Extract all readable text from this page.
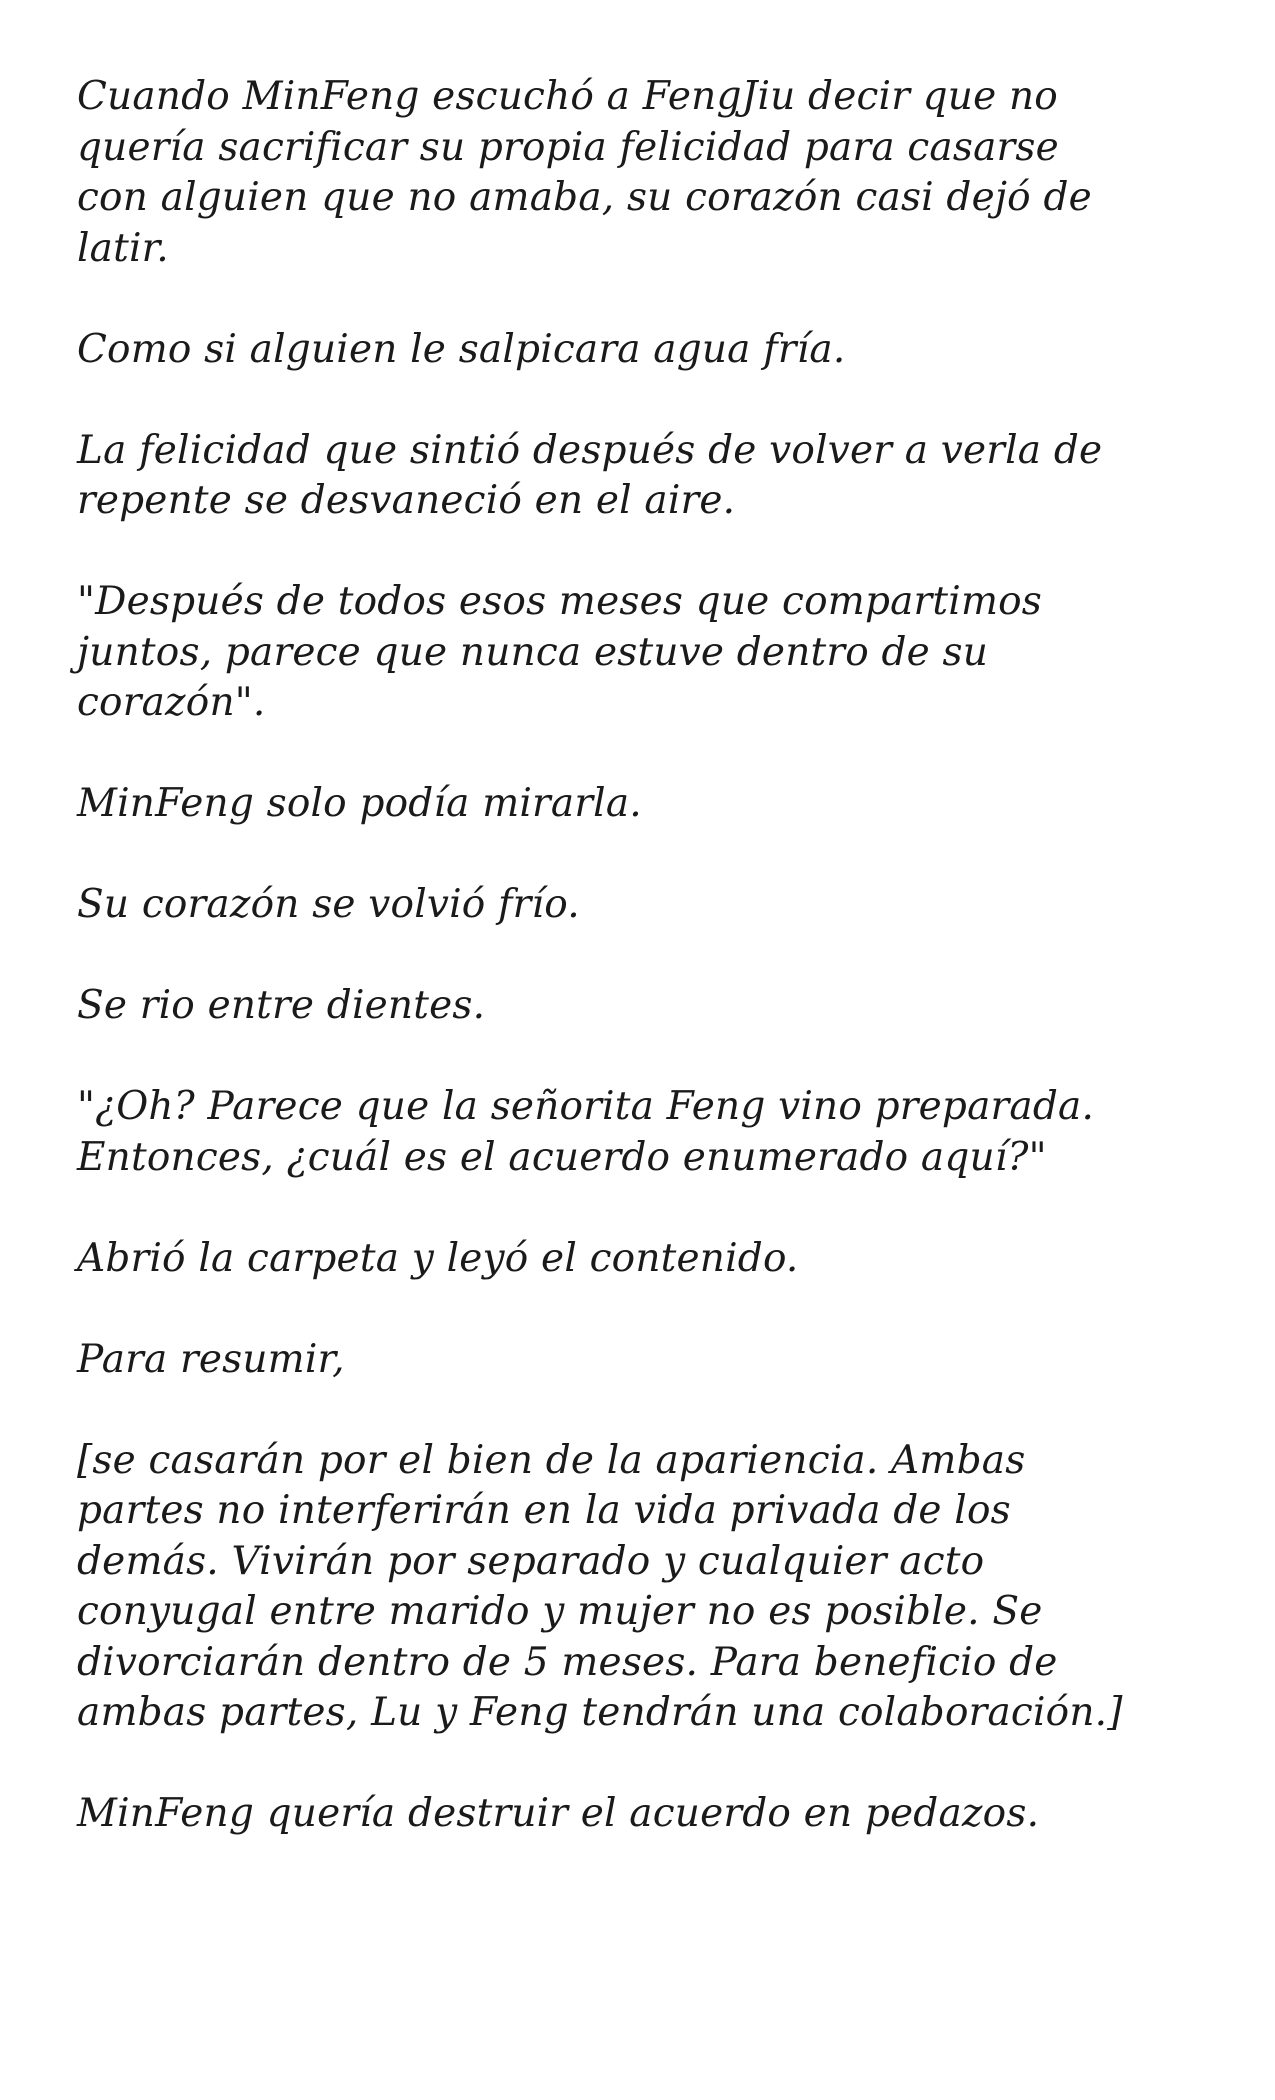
Cuando MinFeng escuchó a FengJiu decir que no
quería sacrificar su propia felicidad para casarse
con alguien que no amaba, su corazón casi dejó de
latir.

Como si alguien le salpicara agua fría.

La felicidad que sintió después de volver a verla de
repente se desvaneció en el aire.

"Después de todos esos meses que compartimos
juntos, parece que nunca estuve dentro de su
corazón".

MinFeng solo podía mirarla.

Su corazón se volvió frío.

Se rio entre dientes.

"¿Oh? Parece que la señorita Feng vino preparada.
Entonces, ¿cuál es el acuerdo enumerado aquí?"

Abrió la carpeta y leyó el contenido.

Para resumir,

[se casarán por el bien de la apariencia. Ambas
partes no interferirán en la vida privada de los
demás. Vivirán por separado y cualquier acto
conyugal entre marido y mujer no es posible. Se
divorciarán dentro de 5 meses. Para beneficio de
ambas partes, Lu y Feng tendrán una colaboración.]

MinFeng quería destruir el acuerdo en pedazos.
